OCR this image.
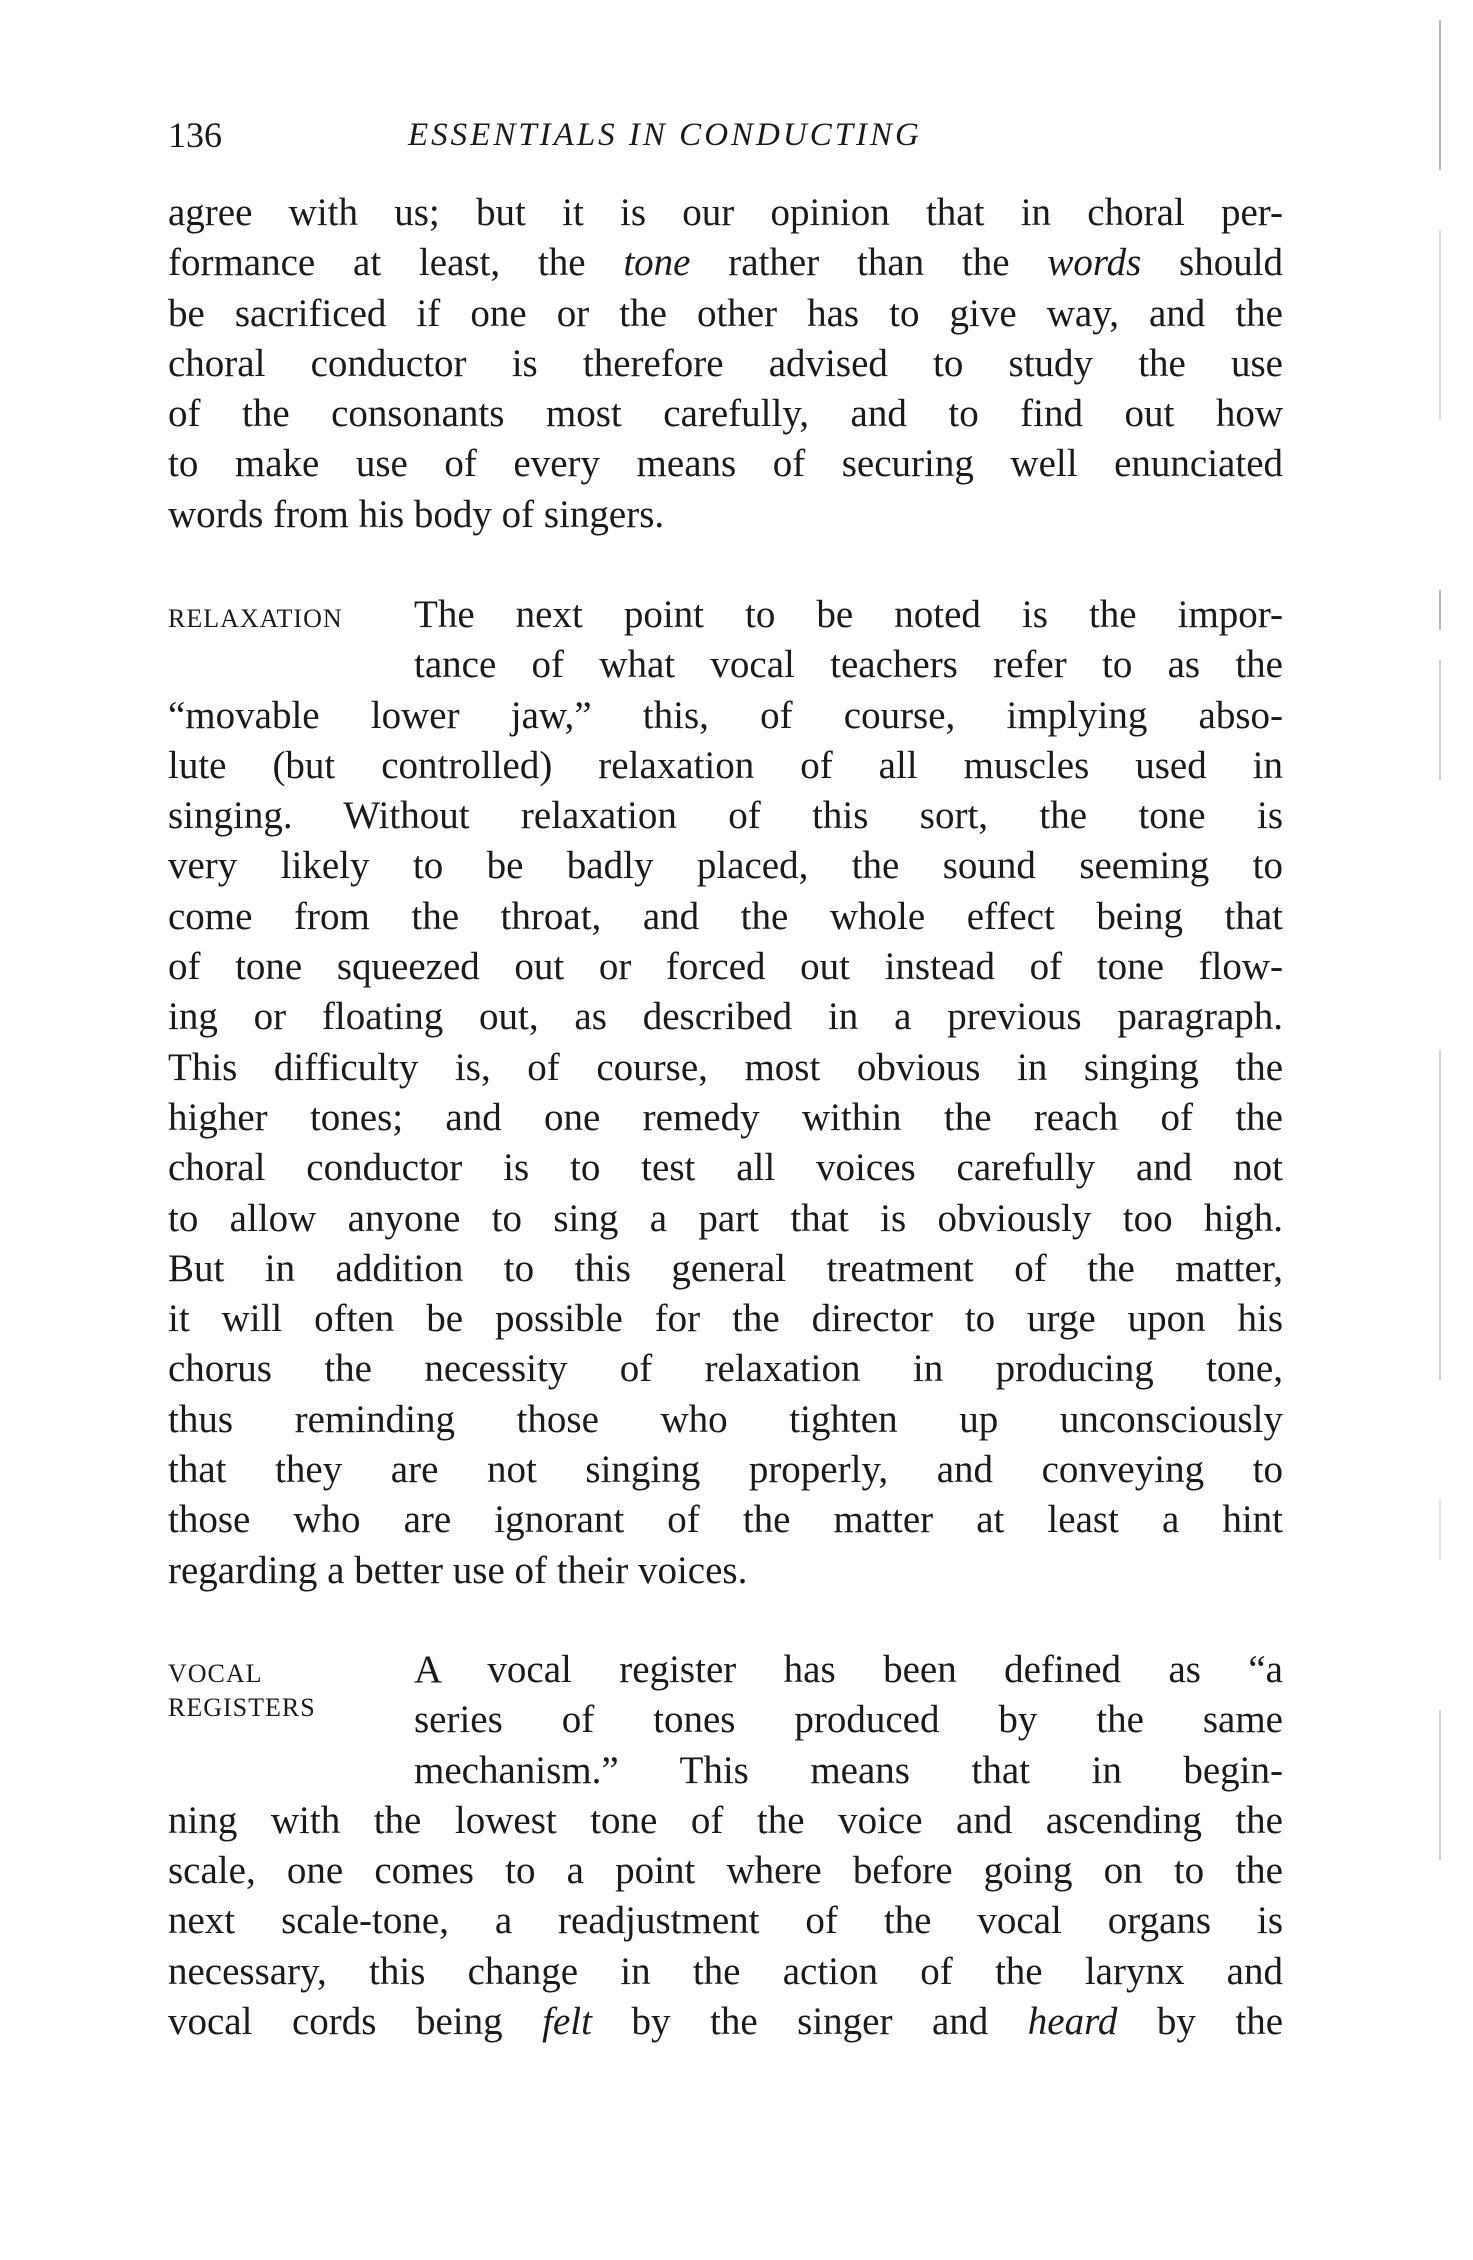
136	ESSENTIALS IN CONDUCTING

agree with us; but it is our opinion that in choral per-

formance at least, the tone rather than the words should

be sacrificed if one or the other has to give way, and the

choral conductor is therefore advised to study the use

of the consonants most carefully, and to find out how

to make use of every means of securing well enunciated

words from his body of singers.

RELAXATION The next point to be noted is the impor-

tance of what vocal teachers refer to as the

“movable lower jaw,” this, of course, implying abso-

lute (but controlled) relaxation of all muscles used in

singing. Without relaxation of this sort, the tone is

very likely to be badly placed, the sound seeming to

come from the throat, and the whole effect being that

of tone squeezed out or forced out instead of tone flow-

ing or floating out, as described in a previous paragraph.

This difficulty is, of course, most obvious in singing the

higher tones; and one remedy within the reach of the

choral conductor is to test all voices carefully and not

to allow anyone to sing a part that is obviously too high.

But in addition to this general treatment of the matter,

it will often be possible for the director to urge upon his

chorus the necessity of relaxation in producing tone,

thus reminding those who tighten up unconsciously

that they are not singing properly, and conveying to

those who are ignorant of the matter at least a hint

regarding a better use of their voices.

VOCAL
REGISTERS

A vocal register has been defined as “a

series of tones produced by the same

mechanism.” This means that in begin-

ning with the lowest tone of the voice and ascending the

scale, one comes to a point where before going on to the

next scale-tone, a readjustment of the vocal organs is

necessary, this change in the action of the larynx and

vocal cords being felt by the singer and heard by the
